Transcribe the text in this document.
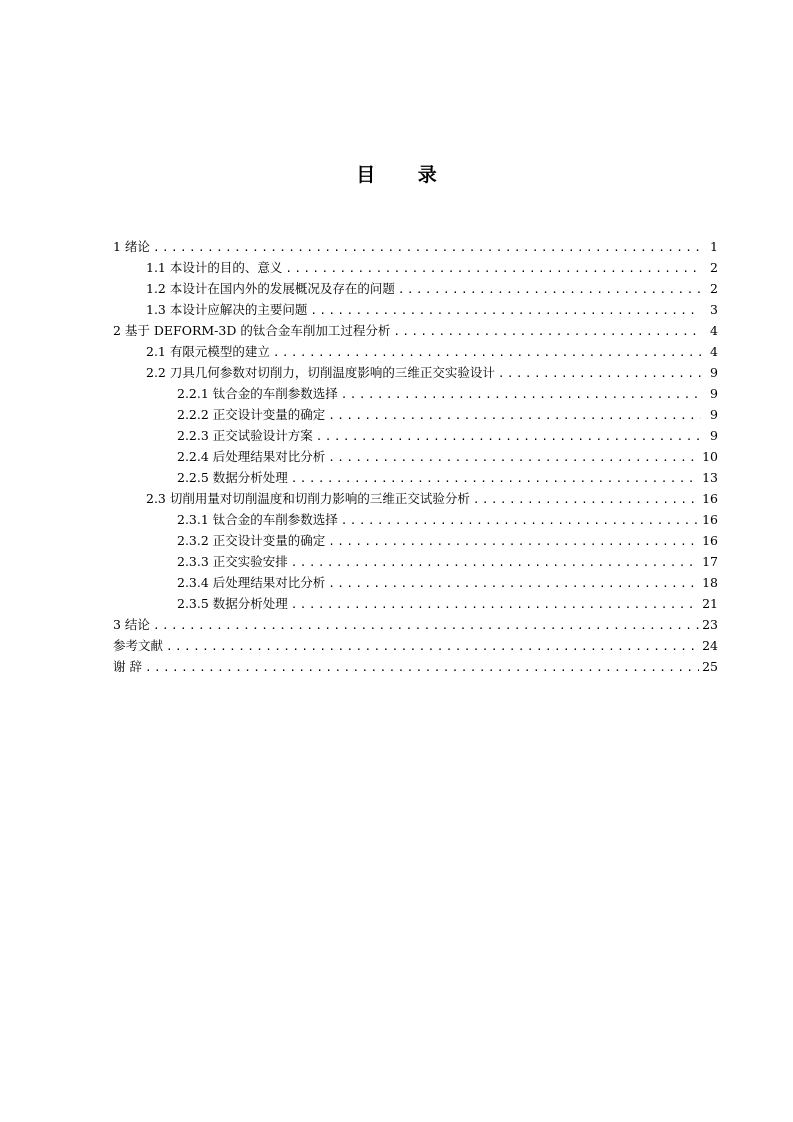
目 录
1 绪论 .....	1
1.1 本设计的目的、意义 .....	2
1.2 本设计在国内外的发展概况及存在的问题 .....	2
1.3 本设计应解决的主要问题 .....	3
2 基于 DEFORM-3D 的钛合金车削加工过程分析 .....	4
2.1 有限元模型的建立 .....	4
2.2 刀具几何参数对切削力，切削温度影响的三维正交实验设计 .....	9
2.2.1 钛合金的车削参数选择 .....	9
2.2.2 正交设计变量的确定 .....	9
2.2.3 正交试验设计方案 .....	9
2.2.4 后处理结果对比分析 .....	10
2.2.5 数据分析处理 .....	13
2.3 切削用量对切削温度和切削力影响的三维正交试验分析 .....	16
2.3.1 钛合金的车削参数选择 .....	16
2.3.2 正交设计变量的确定 .....	16
2.3.3 正交实验安排 .....	17
2.3.4 后处理结果对比分析 .....	18
2.3.5 数据分析处理 .....	21
3 结论 .....	23
参考文献 .....	24
谢 辞 .....	25
